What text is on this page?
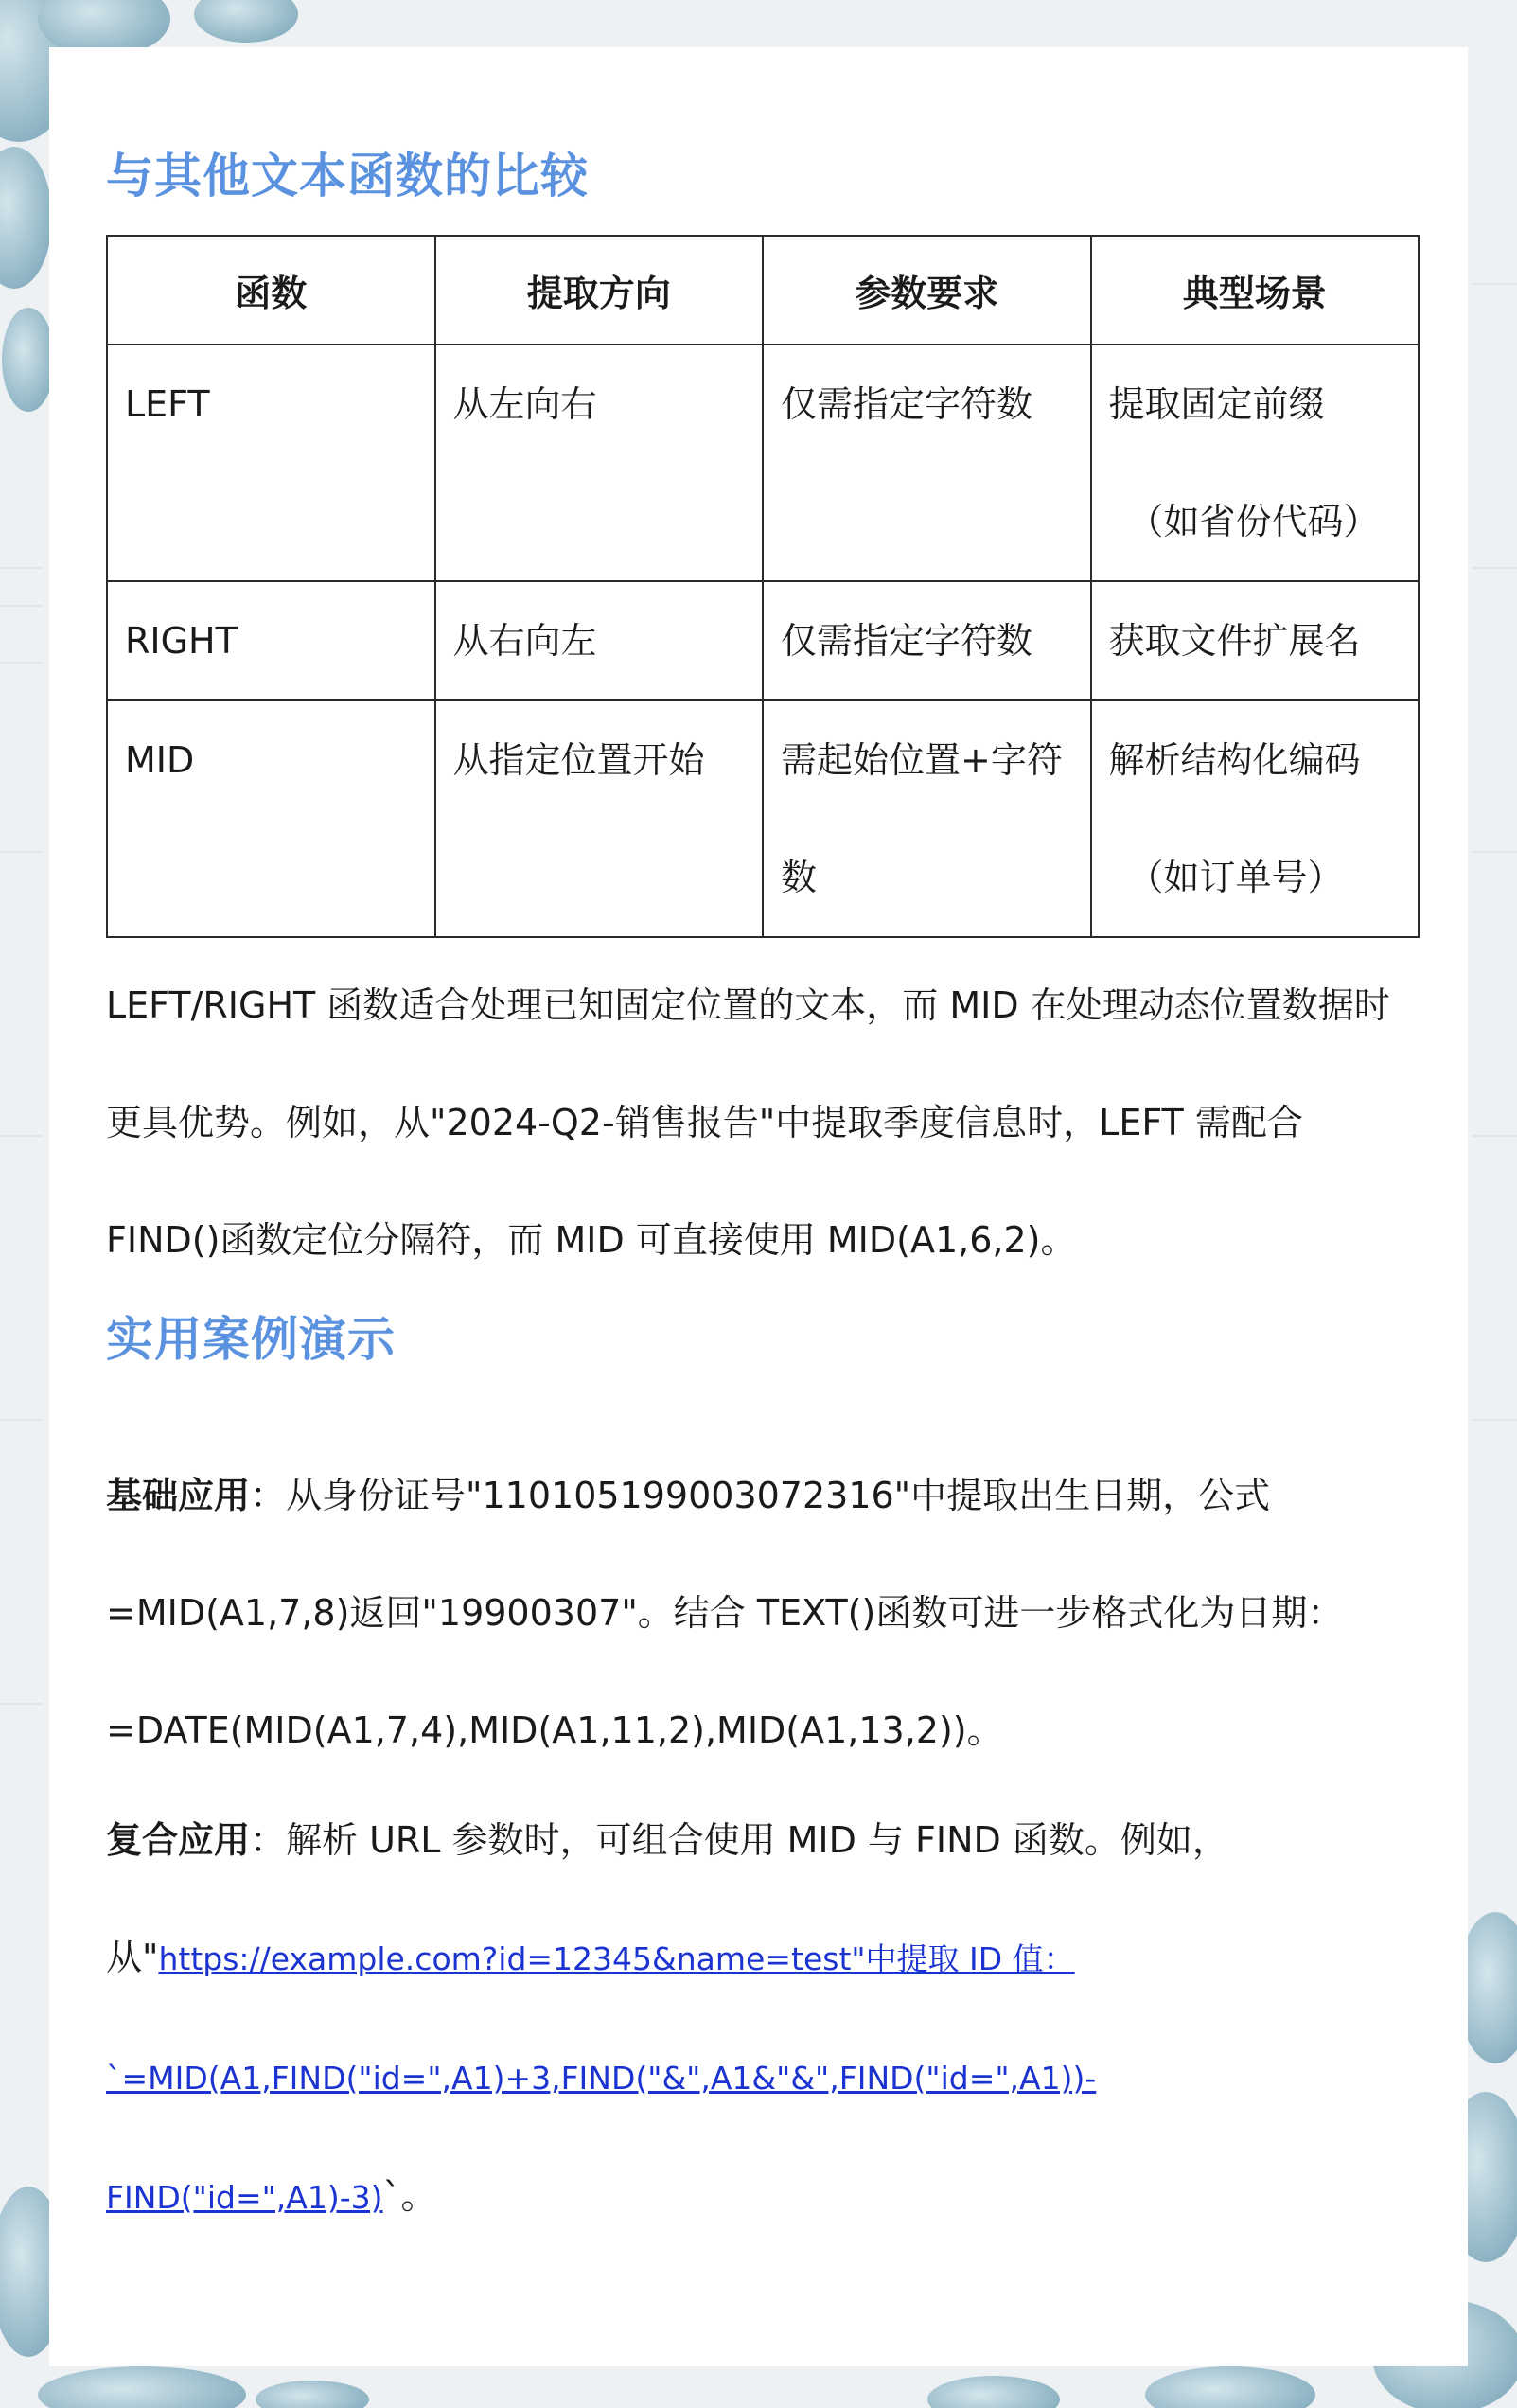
与其他文本函数的比较
函数	提取方向	参数要求	典型场景
LEFT	从左向右	仅需指定字符数	提取固定前缀
（如省份代码）

RIGHT	从右向左	仅需指定字符数	获取文件扩展名
MID	从指定位置开始	需起始位置+字符数	解析结构化编码
（如订单号）

LEFT/RIGHT 函数适合处理已知固定位置的文本，而 MID 在处理动态位置数据时更具优势。例如，从"2024-Q2-销售报告"中提取季度信息时，LEFT 需配合 FIND()函数定位分隔符，而 MID 可直接使用 MID(A1,6,2)。

实用案例演示

基础应用：从身份证号"110105199003072316"中提取出生日期，公式 =MID(A1,7,8)返回"19900307"。结合 TEXT()函数可进一步格式化为日期：=DATE(MID(A1,7,4),MID(A1,11,2),MID(A1,13,2))。

复合应用：解析 URL 参数时，可组合使用 MID 与 FIND 函数。例如，从"https://example.com?id=12345&name=test"中提取 ID 值：`=MID(A1,FIND("id=",A1)+3,FIND("&",A1&"&",FIND("id=",A1))-FIND("id=",A1)-3)`。
